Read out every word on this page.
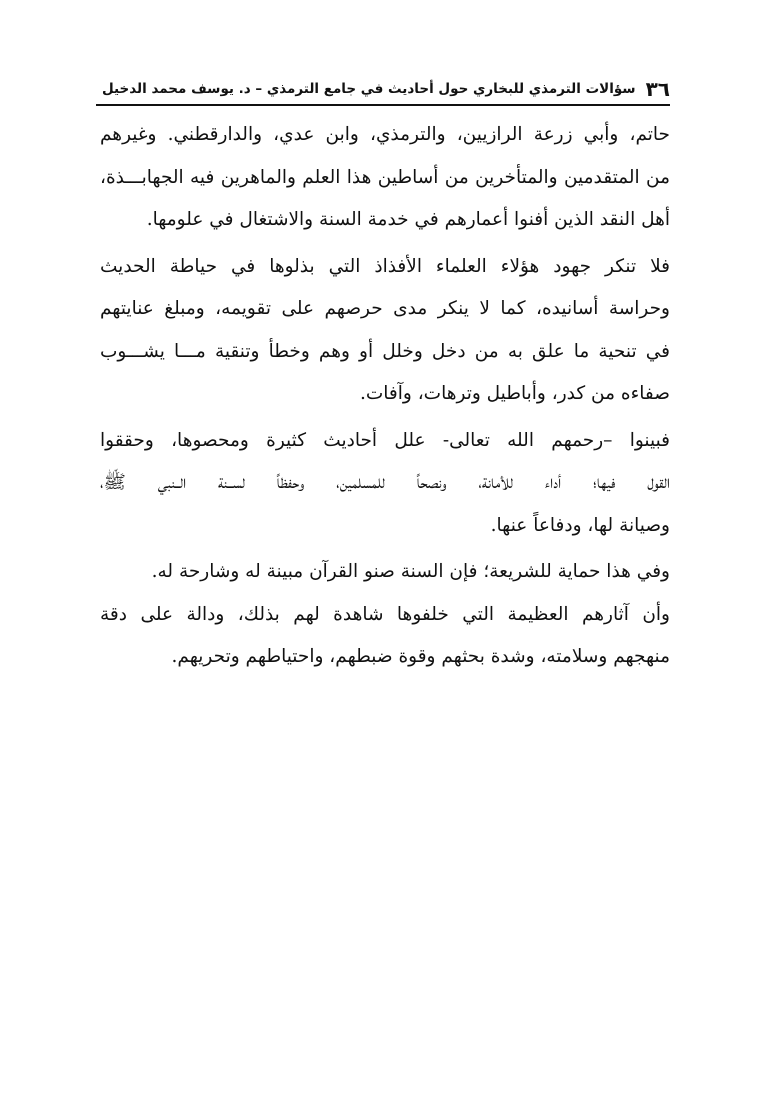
٣٦
سؤالات الترمذي للبخاري حول أحاديث في جامع الترمذي – د. يوسف محمد الدخيل
حاتم، وأبي زرعة الرازيين، والترمذي، وابن عدي، والدارقطني. وغيرهم
من المتقدمين والمتأخرين من أساطين هذا العلم والماهرين فيه الجهابـــذة،
أهل النقد الذين أفنوا أعمارهم في خدمة السنة والاشتغال في علومها.
فلا تنكر جهود هؤلاء العلماء الأفذاذ التي بذلوها في حياطة الحديث
وحراسة أسانيده، كما لا ينكر مدى حرصهم على تقويمه، ومبلغ عنايتهم
في تنحية ما علق به من دخل وخلل أو وهم وخطأ وتنقية مـــا يشـــوب
صفاءه من كدر، وأباطيل وترهات، وآفات.
فبينوا –رحمهم الله تعالى- علل أحاديث كثيرة ومحصوها، وحققوا
القول فيها؛ أداء للأمانة، ونصحاً للمسلمين، وحفظاً لســنة الــنبي ﷺ،
وصيانة لها، ودفاعاً عنها.
وفي هذا حماية للشريعة؛ فإن السنة صنو القرآن مبينة له وشارحة له.
وأن آثارهم العظيمة التي خلفوها شاهدة لهم بذلك، ودالة على دقة
منهجهم وسلامته، وشدة بحثهم وقوة ضبطهم، واحتياطهم وتحريهم.
